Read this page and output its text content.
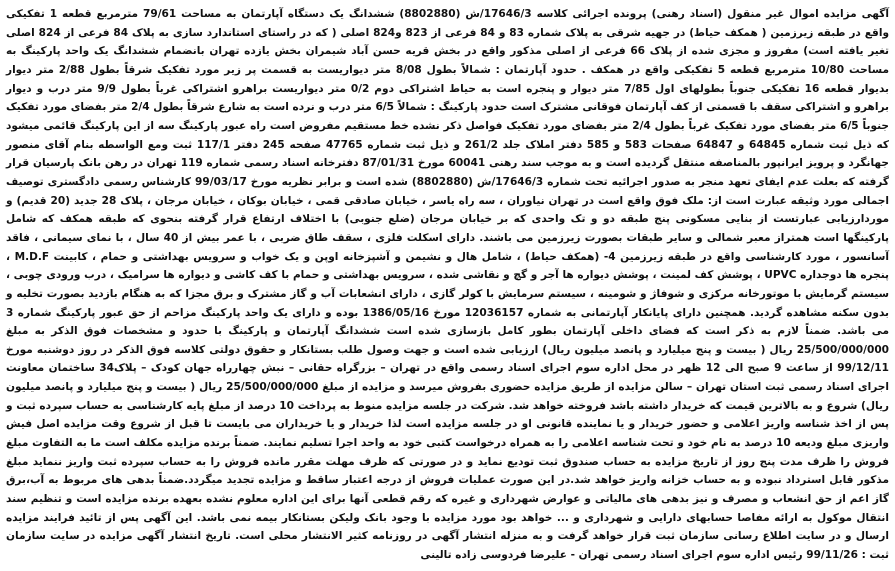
آگهی مزایده اموال غیر منقول (اسناد رهنی) پرونده اجرائی کلاسه 17646/3/ش (8802880) ششدانگ یک دستگاه آپارتمان به مساحت 79/61 مترمربع قطعه 1 تفکیکی واقع در طبقه زیرزمین ( همکف حیاط) در جهیه شرقی به پلاک شماره 83 و 84 فرعی از 823 و824 اصلی ( که در راستای استاندارد سازی به پلاک 84 فرعی از 824 اصلی تغیر یافته است) مفروز و مجزی شده از پلاک 66 فرعی از اصلی مذکور واقع در بخش قریه حسن آباد شیمران بخش یازده تهران بانضمام ششدانگ یک واحد پارکینگ به مساحت 10/80 مترمربع قطعه 5 تفکیکی واقع در همکف . حدود آپارتمان : شمالاً بطول 8/08 متر دیواریست به قسمت پر زیر مورد تفکیک شرقاً بطول 2/88 متر دیوار بدیوار قطعه 16 تفکیکی جنوباً بطولهای اول 7/85 متر دیوار و پنجره است به حیاط اشتراکی دوم 0/2 متر دیواریست براهرو اشتراکی غرباً بطول 9/9 متر درب و دیوار براهرو و اشتراکی سقف با قسمتی از کف آپارتمان فوقانی مشترک است حدود پارکینگ : شمالاً 6/5 متر درب و نرده است به شارع شرقاً بطول 2/4 متر بفضای مورد تفکیک جنوباً 6/5 متر بفضای مورد تفکیک غرباً بطول 2/4 متر بفضای مورد تفکیک فواصل ذکر نشده خط مستقیم مفروض است راه عبور پارکینگ سه از این پارکینگ قائمی میشود که ذیل ثبت شماره 64845 و 64847 صفحات 583 و 585 دفتر املاک جلد 261/2 و ذیل ثبت شماره 47765 صفحه 245 دفتر 117/1 ثبت ومع الواسطه بنام آقای منصور جهانگرد و پرویز ایرانپور بالمناصفه منتقل گردیده است و به موجب سند رهنی 60041 مورخ 87/01/31 دفترخانه اسناد رسمی شماره 119 تهران در رهن بانک پارسیان قرار گرفته که بعلت عدم ایفای تعهد منجر به صدور اجرائیه تحت شماره 17646/3/ش (8802880) شده است و برابر نظریه مورخ 99/03/17 کارشناس رسمی دادگستری توصیف اجمالی مورد وثیقه عبارت است از: ملک فوق واقع است در تهران نیاوران ، سه راه یاسر ، خیابان صادقی قمی ، خیابان بوکان ، خیابان مرجان ، پلاک 28 جدید (20 قدیم) و موردارزیابی عبارتست از بنایی مسکونی پنج طبقه دو و تک واحدی که بر خیابان مرجان (ضلع جنوبی) با اختلاف ارتفاع قرار گرفته بنحوی که طبقه همکف که شامل پارکینگها است همتراز معبر شمالی و سایر طبقات بصورت زیرزمین می باشند. دارای اسکلت فلزی ، سقف طاق ضربی ، با عمر بیش از 40 سال ، با نمای سیمانی ، فاقد آسانسور ، مورد کارشناسی واقع در طبقه زیرزمین 4- (همکف حیاط) ، شامل هال و نشیمن و آشپزخانه اوپن و یک خواب و سرویس بهداشتی و حمام ، کابینت M.D.F ، پنجره ها دوجداره UPVC ، پوشش کف لمینت ، پوشش دیواره ها آجر و گچ و نقاشی شده ، سرویس بهداشتی و حمام با کف کاشی و دیواره ها سرامیک ، درب ورودی چوبی ، سیستم گرمایش با موتورخانه مرکزی و شوفاژ و شومینه ، سیستم سرمایش با کولر گازی ، دارای انشعابات آب و گاز مشترک و برق مجزا که به هنگام بازدید بصورت تخلیه و بدون سکنه مشاهده گردید. همچنین دارای پایانکار آپارتمانی به شماره 12036157 مورخ 1386/05/16 بوده و دارای یک واحد پارکینگ مزاحم از حق عبور پارکینگ شماره 3 می باشد. ضمناً لازم به ذکر است که فضای داخلی آپارتمان بطور کامل بازسازی شده است ششدانگ آپارتمان و پارکینگ با حدود و مشخصات فوق الذکر به مبلغ 25/500/000/000 ریال ( بیست و پنج میلیارد و پانصد میلیون ریال) ارزیابی شده است و جهت وصول طلب بستانکار و حقوق دولتی کلاسه فوق الذکر در روز دوشنبه مورخ 99/12/11 از ساعت 9 صبح الی 12 ظهر در محل اداره سوم اجرای اسناد رسمی واقع در تهران – بزرگراه حقانی – نبش چهارراه جهان کودک – پلاک34 ساختمان معاونت اجرای اسناد رسمی ثبت استان تهران – سالن مزایده از طریق مزایده حضوری بفروش میرسد و مزایده از مبلغ 25/500/000/000 ریال ( بیست و پنج میلیارد و پانصد میلیون ریال) شروع و به بالاترین قیمت که خریدار داشته باشد فروخته خواهد شد. شرکت در جلسه مزایده منوط به پرداخت 10 درصد از مبلغ پایه کارشناسی به حساب سپرده ثبت و پس از اخذ شناسه واریز اعلامی و حضور خریدار و یا نماینده قانونی او در جلسه مزایده است لذا خریدار و یا خریداران می بایست تا قبل از شروع وقت مزایده اصل فیش واریزی مبلغ ودیعه 10 درصد به نام خود و تحت شناسه اعلامی را به همراه درخواست کتبی خود به واحد اجرا تسلیم نمایند. ضمناً برنده مزایده مکلف است ما به التفاوت مبلغ فروش را ظرف مدت پنج روز از تاریخ مزایده به حساب صندوق ثبت توديع نمايد و در صورتی که ظرف مهلت مقرر مانده فروش را به حساب سپرده ثبت واریز ننماید مبلغ مذکور قابل استرداد نبوده و به حساب خزانه واریز خواهد شد.در این صورت عملیات فروش از درجه اعتبار ساقط و مزایده تجدید میگردد.ضمناً بدهی های مربوط به آب،برق گاز اعم از حق انشعاب و مصرف و نیز بدهی های مالیاتی و عوارض شهرداری و غیره که رقم قطعی آنها برای این اداره معلوم نشده بعهده برنده مزایده است و تنظیم سند انتقال موکول به ارائه مفاصا حسابهای دارایی و شهرداری و ... خواهد بود مورد مزایده با وجود بانک ولیکن بستانکار بیمه نمی باشد. این آگهی پس از تائید فرایند مزایده ارسال و در سایت اطلاع رسانی سازمان ثبت قرار خواهد گرفت و به منزله انتشار آگهی در روزنامه کثیر الانتشار محلی است. تاریخ انتشار آگهی مزایده در سایت سازمان ثبت : 99/11/26 رئیس اداره سوم اجرای اسناد رسمی تهران - علیرضا فردوسی زاده تالینی
